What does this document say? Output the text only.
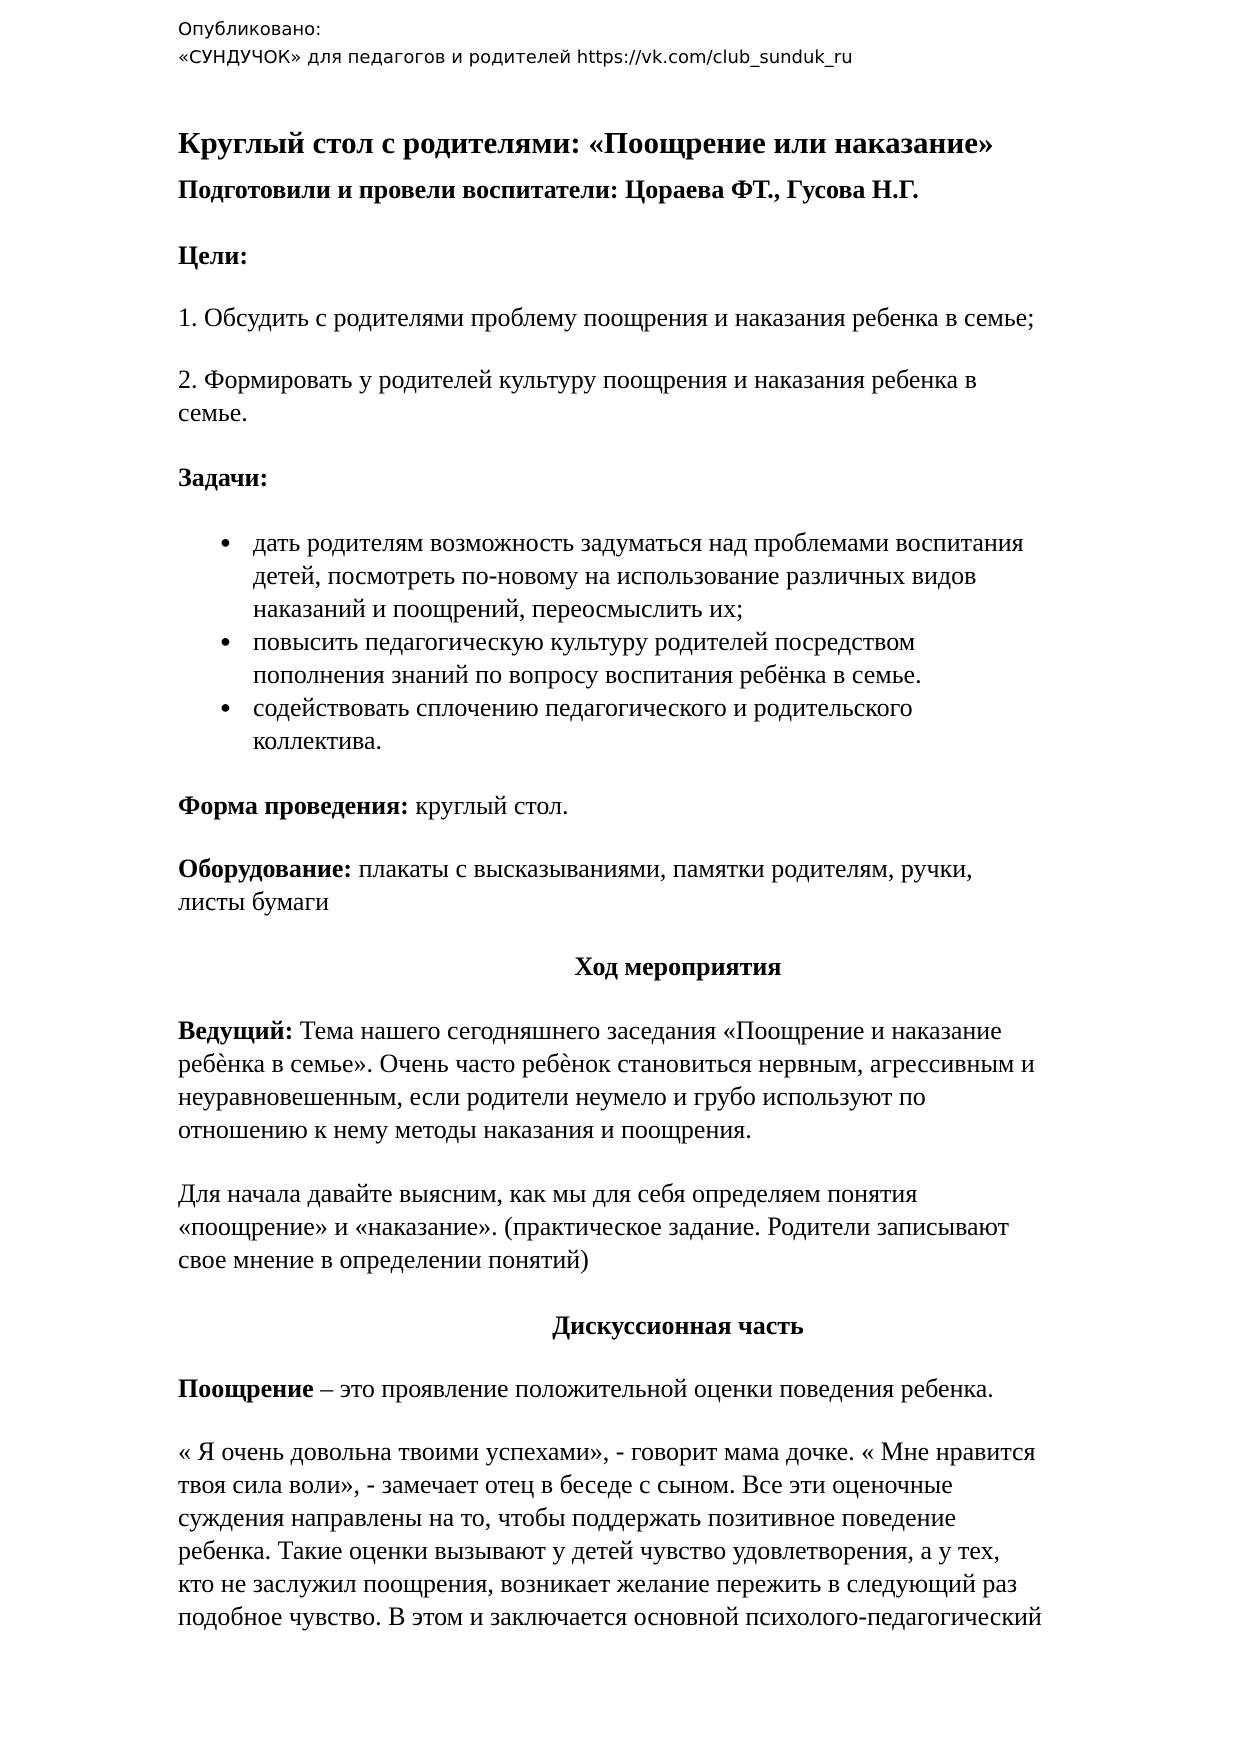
Опубликовано:
«СУНДУЧОК» для педагогов и родителей https://vk.com/club_sunduk_ru
Круглый стол с родителями: «Поощрение или наказание»
Подготовили и провели воспитатели: Цораева ФТ., Гусова Н.Г.

Цели:

1. Обсудить с родителями проблему поощрения и наказания ребенка в семье;

2. Формировать у родителей культуру поощрения и наказания ребенка в
семье.

Задачи:

● дать родителям возможность задуматься над проблемами воспитания
детей, посмотреть по-новому на использование различных видов
наказаний и поощрений, переосмыслить их;
● повысить педагогическую культуру родителей посредством
пополнения знаний по вопросу воспитания ребёнка в семье.
● содействовать сплочению педагогического и родительского
коллектива.

Форма проведения: круглый стол.

Оборудование: плакаты с высказываниями, памятки родителям, ручки,
листы бумаги

Ход мероприятия

Ведущий: Тема нашего сегодняшнего заседания «Поощрение и наказание
ребѐнка в семье». Очень часто ребѐнок становиться нервным, агрессивным и
неуравновешенным, если родители неумело и грубо используют по
отношению к нему методы наказания и поощрения.

Для начала давайте выясним, как мы для себя определяем понятия
«поощрение» и «наказание». (практическое задание. Родители записывают
свое мнение в определении понятий)

Дискуссионная часть

Поощрение – это проявление положительной оценки поведения ребенка.

« Я очень довольна твоими успехами», - говорит мама дочке. « Мне нравится
твоя сила воли», - замечает отец в беседе с сыном. Все эти оценочные
суждения направлены на то, чтобы поддержать позитивное поведение
ребенка. Такие оценки вызывают у детей чувство удовлетворения, а у тех,
кто не заслужил поощрения, возникает желание пережить в следующий раз
подобное чувство. В этом и заключается основной психолого-педагогический
